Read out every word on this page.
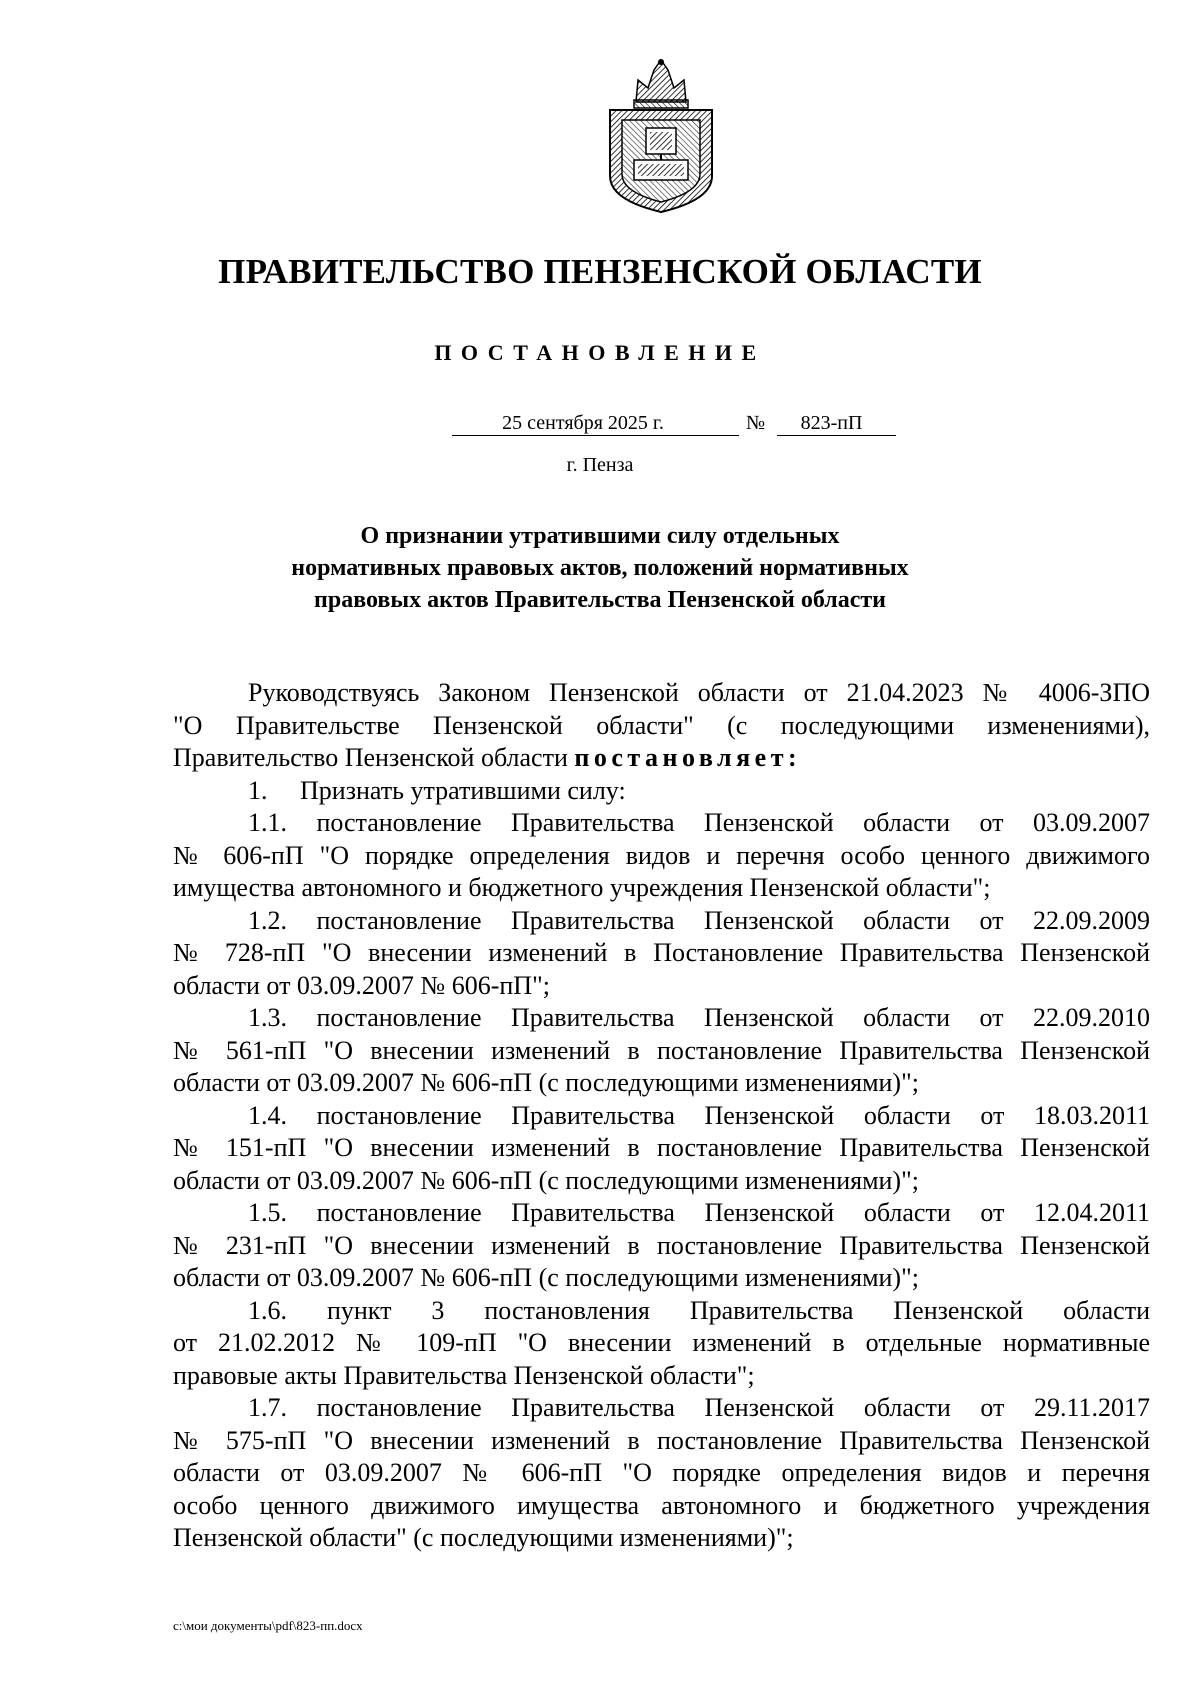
ПРАВИТЕЛЬСТВО ПЕНЗЕНСКОЙ ОБЛАСТИ
ПОСТАНОВЛЕНИЕ
25 сентября 2025 г.	№	823-пП
г. Пенза
О признании утратившими силу отдельных
нормативных правовых актов, положений нормативных
правовых актов Правительства Пензенской области
Руководствуясь Законом Пензенской области от 21.04.2023 № 4006-ЗПО
"О Правительстве Пензенской области" (с последующими изменениями),
Правительство Пензенской области постановляет:
1.     Признать утратившими силу:
1.1. постановление Правительства Пензенской области от 03.09.2007
№ 606-пП "О порядке определения видов и перечня особо ценного движимого
имущества автономного и бюджетного учреждения Пензенской области";
1.2. постановление Правительства Пензенской области от 22.09.2009
№ 728-пП "О внесении изменений в Постановление Правительства Пензенской
области от 03.09.2007 № 606-пП";
1.3. постановление Правительства Пензенской области от 22.09.2010
№ 561-пП "О внесении изменений в постановление Правительства Пензенской
области от 03.09.2007 № 606-пП (с последующими изменениями)";
1.4. постановление Правительства Пензенской области от 18.03.2011
№ 151-пП "О внесении изменений в постановление Правительства Пензенской
области от 03.09.2007 № 606-пП (с последующими изменениями)";
1.5. постановление Правительства Пензенской области от 12.04.2011
№ 231-пП "О внесении изменений в постановление Правительства Пензенской
области от 03.09.2007 № 606-пП (с последующими изменениями)";
1.6. пункт 3 постановления Правительства Пензенской области
от 21.02.2012 № 109-пП "О внесении изменений в отдельные нормативные
правовые акты Правительства Пензенской области";
1.7. постановление Правительства Пензенской области от 29.11.2017
№ 575-пП "О внесении изменений в постановление Правительства Пензенской
области от 03.09.2007 № 606-пП "О порядке определения видов и перечня
особо ценного движимого имущества автономного и бюджетного учреждения
Пензенской области" (с последующими изменениями)";
c:\мои документы\pdf\823-пп.docx
